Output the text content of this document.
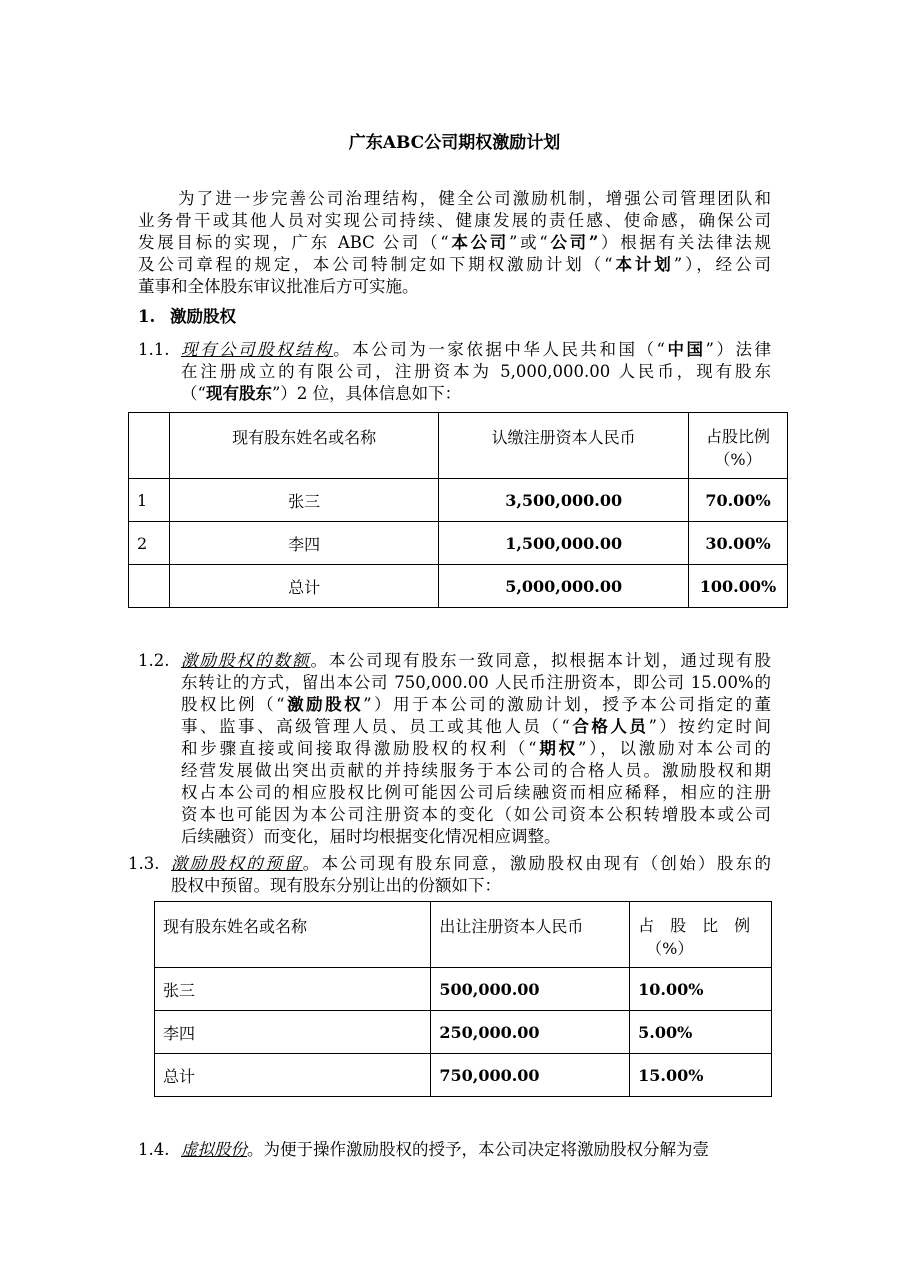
广东ABC公司期权激励计划
为了进一步完善公司治理结构，健全公司激励机制，增强公司管理团队和
业务骨干或其他人员对实现公司持续、健康发展的责任感、使命感，确保公司
发展目标的实现，广东 ABC 公司（“本公司”或“公司”）根据有关法律法规
及公司章程的规定，本公司特制定如下期权激励计划（“本计划”），经公司
董事和全体股东审议批准后方可实施。
1. 激励股权
1.1. 现有公司股权结构。本公司为一家依据中华人民共和国（“中国”）法律
在注册成立的有限公司，注册资本为 5,000,000.00 人民币，现有股东
（“现有股东”）2 位，具体信息如下：
	现有股东姓名或名称	认缴注册资本人民币	占股比例
（%）

1	张三	3,500,000.00	70.00%
2	李四	1,500,000.00	30.00%
	总计	5,000,000.00	100.00%
1.2. 激励股权的数额。本公司现有股东一致同意，拟根据本计划，通过现有股
东转让的方式，留出本公司 750,000.00 人民币注册资本，即公司 15.00%的
股权比例（“激励股权”）用于本公司的激励计划，授予本公司指定的董
事、监事、高级管理人员、员工或其他人员（“合格人员”）按约定时间
和步骤直接或间接取得激励股权的权利（“期权”），以激励对本公司的
经营发展做出突出贡献的并持续服务于本公司的合格人员。激励股权和期
权占本公司的相应股权比例可能因公司后续融资而相应稀释，相应的注册
资本也可能因为本公司注册资本的变化（如公司资本公积转增股本或公司
后续融资）而变化，届时均根据变化情况相应调整。
1.3. 激励股权的预留。本公司现有股东同意，激励股权由现有（创始）股东的
股权中预留。现有股东分别让出的份额如下：
现有股东姓名或名称	出让注册资本人民币	占　股　比　例
（%）

张三	500,000.00	10.00%
李四	250,000.00	5.00%
总计	750,000.00	15.00%
1.4. 虚拟股份。为便于操作激励股权的授予，本公司决定将激励股权分解为壹
